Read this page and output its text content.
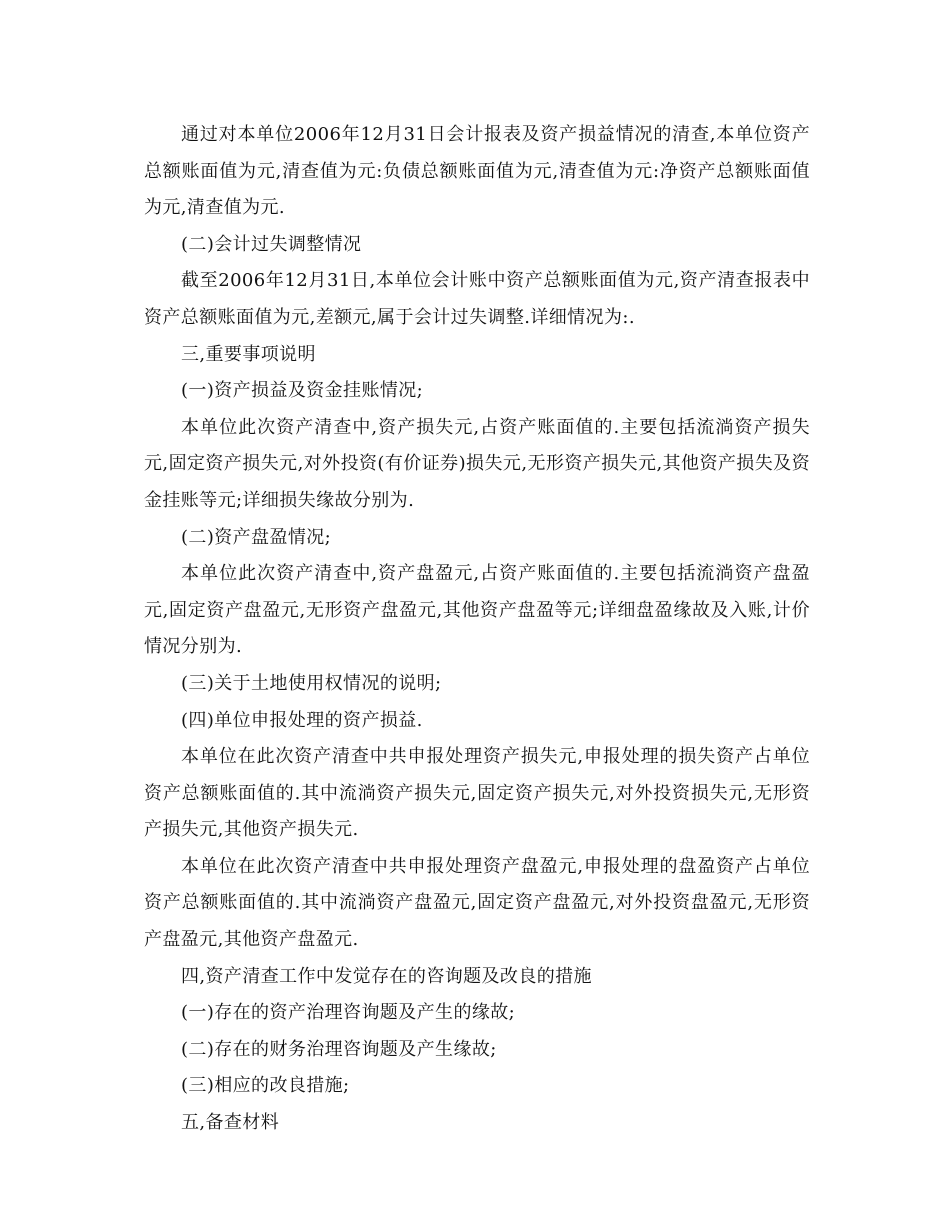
通过对本单位2006年12月31日会计报表及资产损益情况的清查,本单位资产总额账面值为元,清查值为元:负债总额账面值为元,清查值为元:净资产总额账面值为元,清查值为元.

(二)会计过失调整情况

截至2006年12月31日,本单位会计账中资产总额账面值为元,资产清查报表中资产总额账面值为元,差额元,属于会计过失调整.详细情况为:.

三,重要事项说明

(一)资产损益及资金挂账情况;

本单位此次资产清查中,资产损失元,占资产账面值的.主要包括流淌资产损失元,固定资产损失元,对外投资(有价证券)损失元,无形资产损失元,其他资产损失及资金挂账等元;详细损失缘故分别为.

(二)资产盘盈情况;

本单位此次资产清查中,资产盘盈元,占资产账面值的.主要包括流淌资产盘盈元,固定资产盘盈元,无形资产盘盈元,其他资产盘盈等元;详细盘盈缘故及入账,计价情况分别为.

(三)关于土地使用权情况的说明;

(四)单位申报处理的资产损益.

本单位在此次资产清查中共申报处理资产损失元,申报处理的损失资产占单位资产总额账面值的.其中流淌资产损失元,固定资产损失元,对外投资损失元,无形资产损失元,其他资产损失元.

本单位在此次资产清查中共申报处理资产盘盈元,申报处理的盘盈资产占单位资产总额账面值的.其中流淌资产盘盈元,固定资产盘盈元,对外投资盘盈元,无形资产盘盈元,其他资产盘盈元.

四,资产清查工作中发觉存在的咨询题及改良的措施

(一)存在的资产治理咨询题及产生的缘故;

(二)存在的财务治理咨询题及产生缘故;

(三)相应的改良措施;

五,备查材料
